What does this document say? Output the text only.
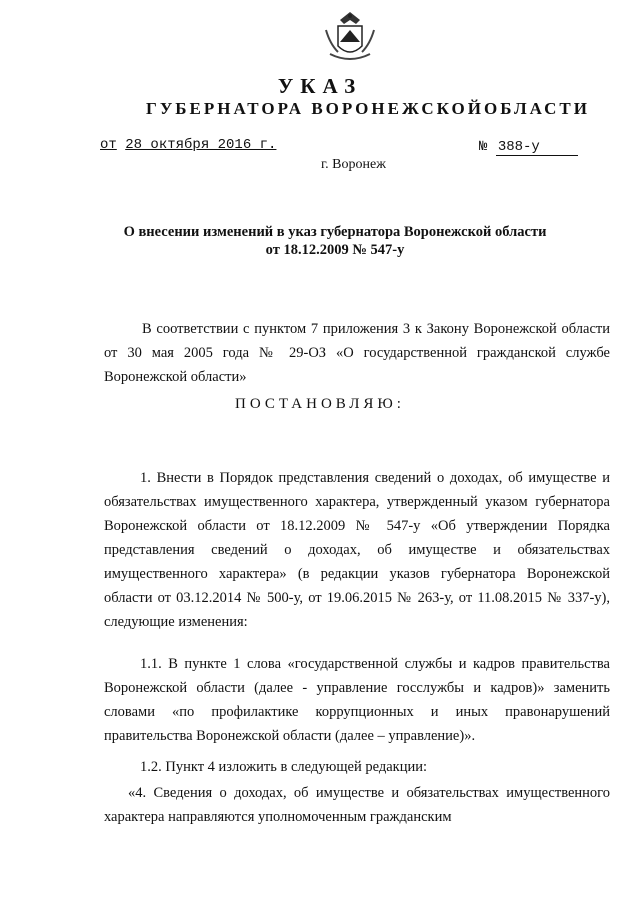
УКАЗ
ГУБЕРНАТОРА ВОРОНЕЖСКОЙОБЛАСТИ
от 28 октября 2016 г.	№ 388-у
г. Воронеж
О внесении изменений в указ губернатора Воронежской области от 18.12.2009 № 547-у
В соответствии с пунктом 7 приложения 3 к Закону Воронежской области от 30 мая 2005 года № 29-ОЗ «О государственной гражданской службе Воронежской области»
ПОСТАНОВЛЯЮ:
1. Внести в Порядок представления сведений о доходах, об имуществе и обязательствах имущественного характера, утвержденный указом губернатора Воронежской области от 18.12.2009 № 547-у «Об утверждении Порядка представления сведений о доходах, об имуществе и обязательствах имущественного характера» (в редакции указов губернатора Воронежской области от 03.12.2014 № 500-у, от 19.06.2015 № 263-у, от 11.08.2015 № 337-у), следующие изменения:
1.1. В пункте 1 слова «государственной службы и кадров правительства Воронежской области (далее - управление госслужбы и кадров)» заменить словами «по профилактике коррупционных и иных правонарушений правительства Воронежской области (далее – управление)».
1.2. Пункт 4 изложить в следующей редакции:
«4. Сведения о доходах, об имуществе и обязательствах имущественного характера направляются уполномоченным гражданским
